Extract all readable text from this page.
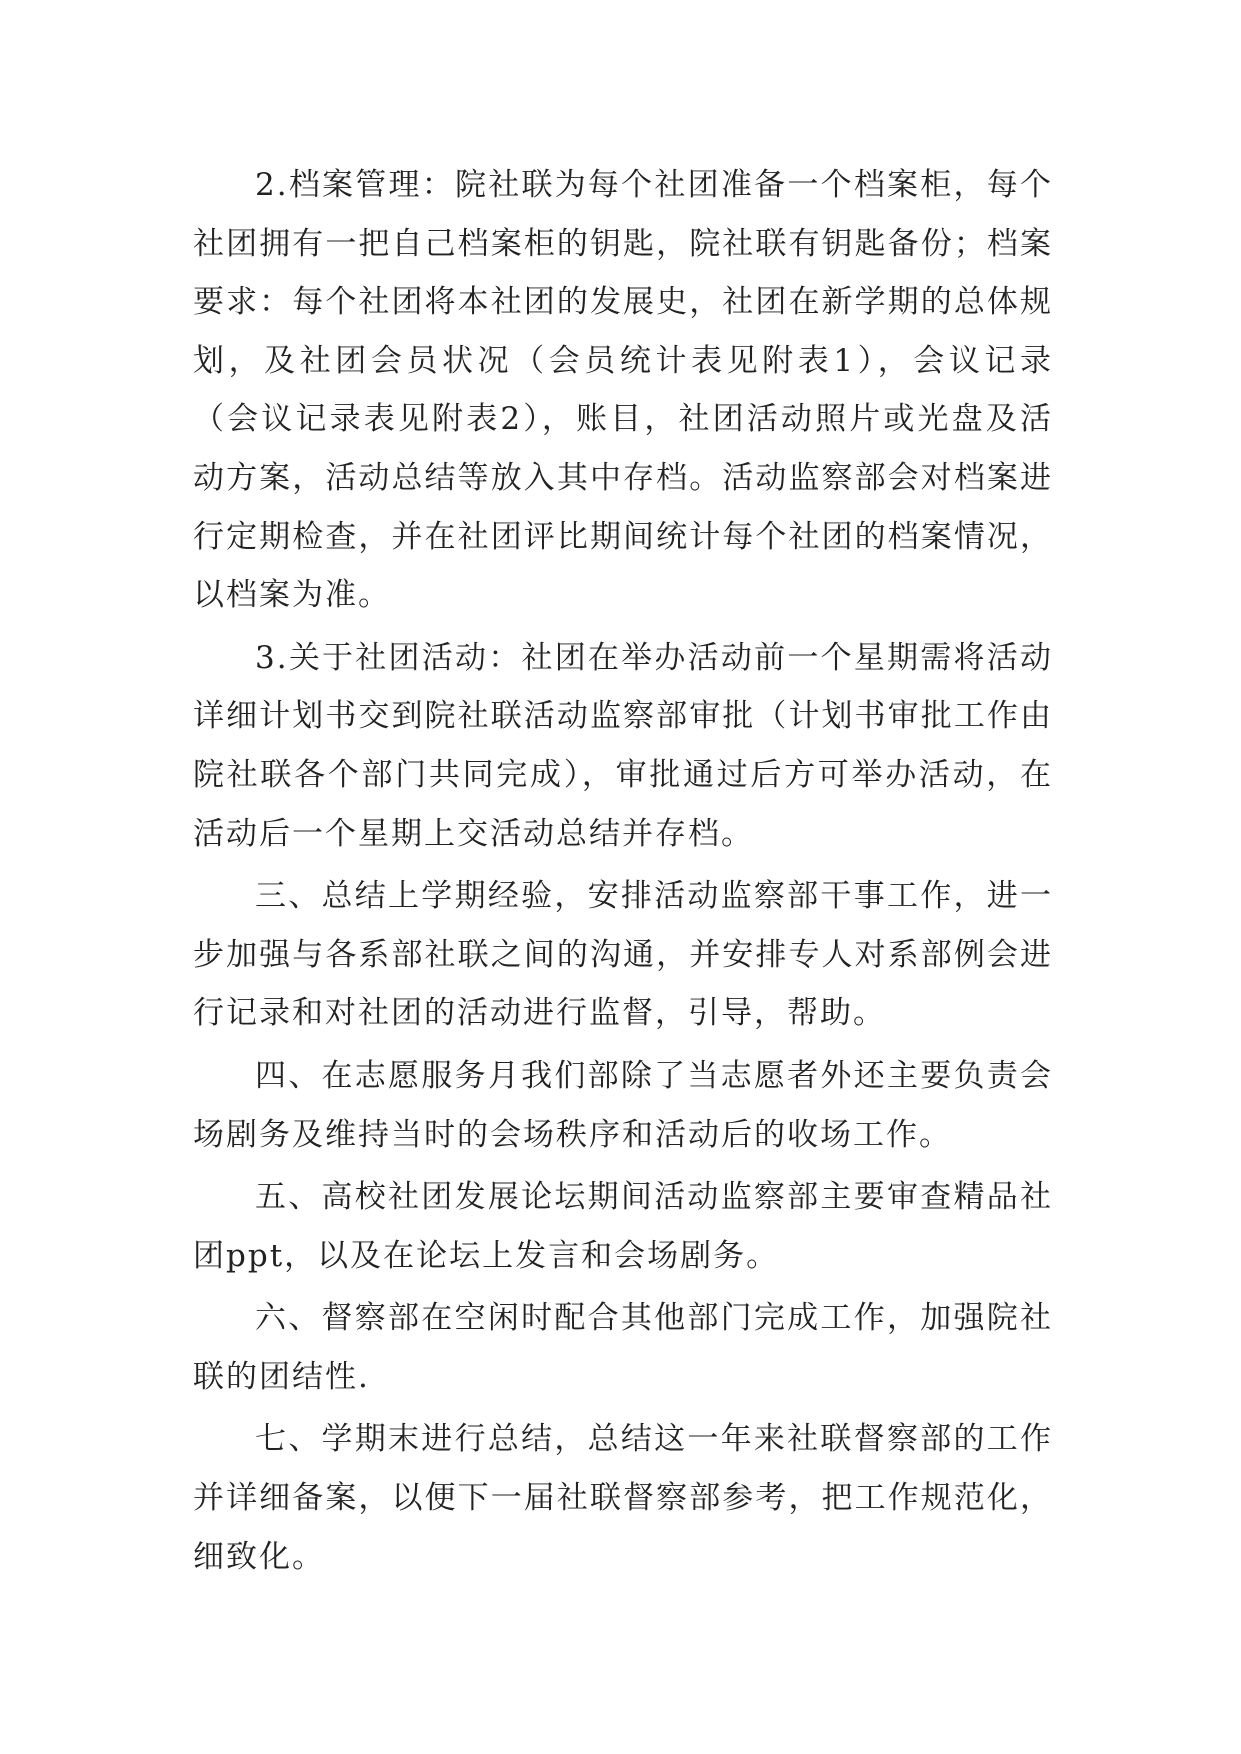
2.档案管理：院社联为每个社团准备一个档案柜，每个社团拥有一把自己档案柜的钥匙，院社联有钥匙备份；档案要求：每个社团将本社团的发展史，社团在新学期的总体规划，及社团会员状况（会员统计表见附表1），会议记录（会议记录表见附表2），账目，社团活动照片或光盘及活动方案，活动总结等放入其中存档。活动监察部会对档案进行定期检查，并在社团评比期间统计每个社团的档案情况，以档案为准。

3.关于社团活动：社团在举办活动前一个星期需将活动详细计划书交到院社联活动监察部审批（计划书审批工作由院社联各个部门共同完成），审批通过后方可举办活动，在活动后一个星期上交活动总结并存档。

三、总结上学期经验，安排活动监察部干事工作，进一步加强与各系部社联之间的沟通，并安排专人对系部例会进行记录和对社团的活动进行监督，引导，帮助。

四、在志愿服务月我们部除了当志愿者外还主要负责会场剧务及维持当时的会场秩序和活动后的收场工作。

五、高校社团发展论坛期间活动监察部主要审查精品社团ppt，以及在论坛上发言和会场剧务。

六、督察部在空闲时配合其他部门完成工作，加强院社联的团结性.

七、学期末进行总结，总结这一年来社联督察部的工作并详细备案，以便下一届社联督察部参考，把工作规范化，细致化。
